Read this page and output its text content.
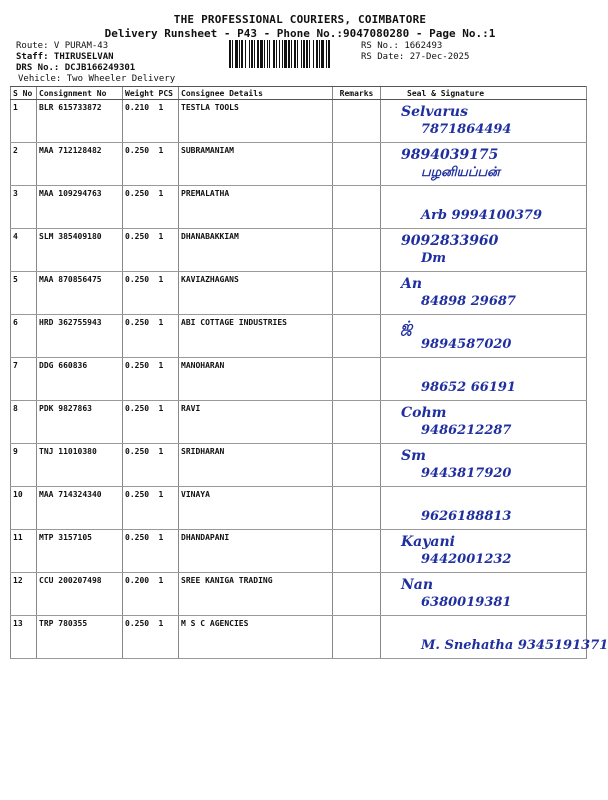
THE PROFESSIONAL COURIERS, COIMBATORE
Delivery Runsheet - P43 - Phone No.:9047080280 - Page No.:1
Route: V PURAM-43
Staff: THIRUSELVAN
DRS No.: DCJB166249301
Vehicle: Two Wheeler Delivery
RS No.: 1662493
RS Date: 27-Dec-2025
S No	Consignment No	Weight	PCS	Consignee Details	Remarks	Seal & Signature
1	BLR 615733872	0.210	1	TESTLA TOOLS		Selvarus
7871864494

2	MAA 712128482	0.250	1	SUBRAMANIAM		9894039175
பழனியப்பன்

3	MAA 109294763	0.250	1	PREMALATHA		Arb 9994100379

4	SLM 385409180	0.250	1	DHANABAKKIAM		9092833960
Dm

5	MAA 870856475	0.250	1	KAVIAZHAGANS		An
84898 29687

6	HRD 362755943	0.250	1	ABI COTTAGE INDUSTRIES		ஜ்
9894587020

7	DDG 660836	0.250	1	MANOHARAN		98652 66191

8	PDK 9827863	0.250	1	RAVI		Cohm
9486212287

9	TNJ 11010380	0.250	1	SRIDHARAN		Sm
9443817920

10	MAA 714324340	0.250	1	VINAYA		9626188813

11	MTP 3157105	0.250	1	DHANDAPANI		Kayani
9442001232

12	CCU 200207498	0.200	1	SREE KANIGA TRADING		Nan
6380019381

13	TRP 780355	0.250	1	M S C AGENCIES		M. Snehatha 9345191371
